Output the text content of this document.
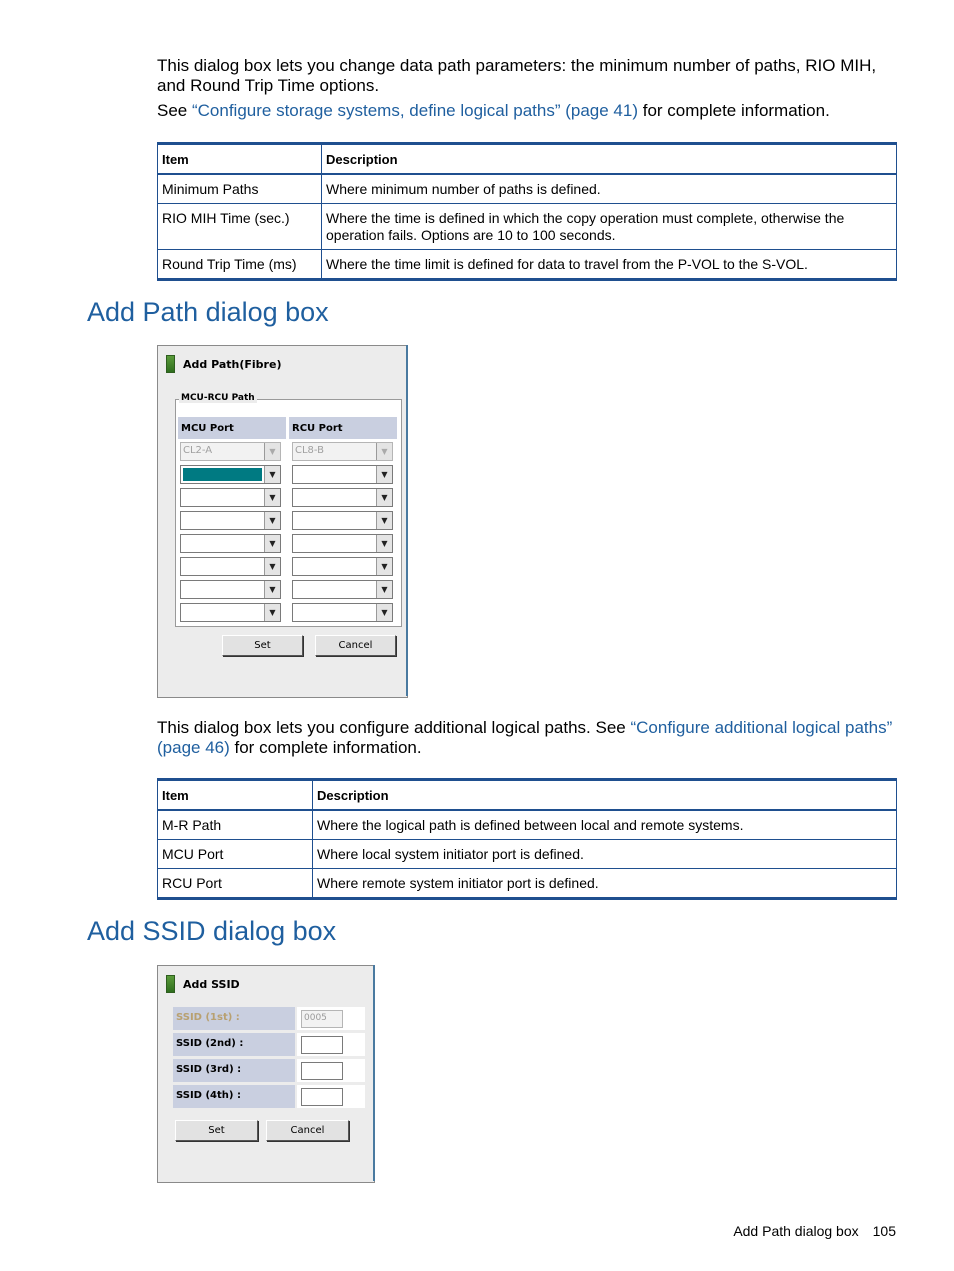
This dialog box lets you change data path parameters: the minimum number of paths, RIO MIH, and Round Trip Time options.

See “Configure storage systems, define logical paths” (page 41) for complete information.

Item	Description
Minimum Paths	Where minimum number of paths is defined.
RIO MIH Time (sec.)	Where the time is defined in which the copy operation must complete, otherwise the operation fails. Options are 10 to 100 seconds.
Round Trip Time (ms)	Where the time limit is defined for data to travel from the P-VOL to the S-VOL.
Add Path dialog box
Add Path(Fibre)
MCU-RCU Path
MCU Port	RCU Port
CL2-A	▼	CL8-B	▼
▼	▼
▼	▼
▼	▼
▼	▼
▼	▼
▼	▼
▼	▼
Set	Cancel

This dialog box lets you configure additional logical paths. See “Configure additional logical paths” (page 46) for complete information.

Item	Description
M-R Path	Where the logical path is defined between local and remote systems.
MCU Port	Where local system initiator port is defined.
RCU Port	Where remote system initiator port is defined.
Add SSID dialog box
Add SSID
SSID (1st) :	0005
SSID (2nd) :
SSID (3rd) :
SSID (4th) :
Set	Cancel
Add Path dialog box 105
